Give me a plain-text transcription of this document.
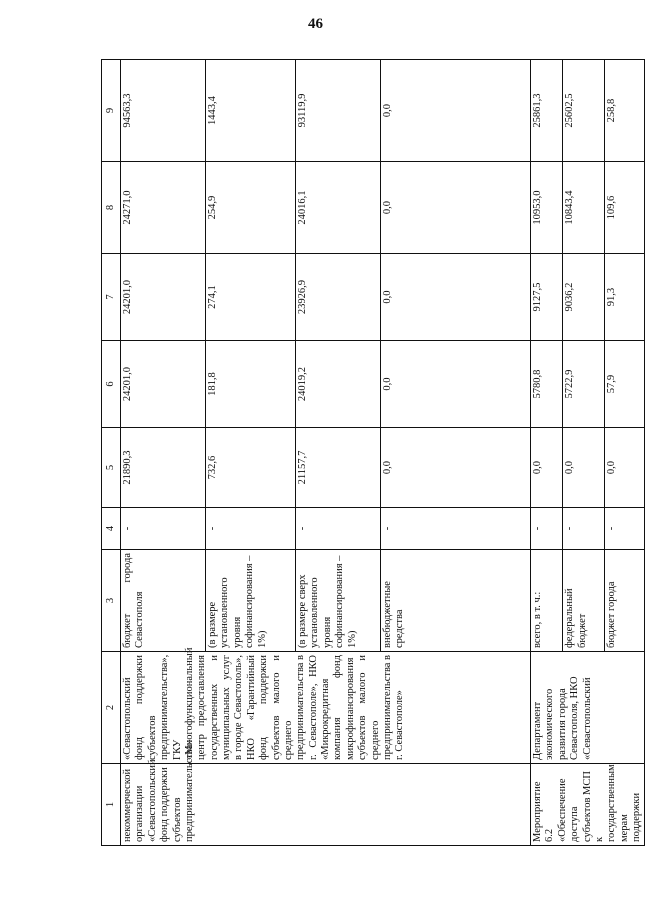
46
1	2	3	4	5	6	7	8	9
некоммерческой организации «Севастопольский фонд поддержки субъектов предпринимательства»	«Севастопольский фонд поддержки субъектов предпринимательства», ГКУ «Многофункциональный центр предоставления государственных и муниципальных услуг в городе Севастополь», НКО «Гарантийный фонд поддержки субъектов малого и среднего предпринимательства в г. Севастополе», НКО «Микрокредитная компания фонд микрофинансирования субъектов малого и среднего предпринимательства в г. Севастополе»	бюджет города Севастополя	-	21890,3	24201,0	24201,0	24271,0	94563,3
		(в размере установленного уровня софинансирования – 1%)	-	732,6	181,8	274,1	254,9	1443,4
		(в размере сверх установленного уровня софинансирования – 1%)	-	21157,7	24019,2	23926,9	24016,1	93119,9
		внебюджетные средства	-	0,0	0,0	0,0	0,0	0,0
Мероприятие 6.2 «Обеспечение доступа субъектов МСП к государственным мерам поддержки	Департамент экономического развития города Севастополя, НКО «Севастопольский	всего, в т. ч.:	-	0,0	5780,8	9127,5	10953,0	25861,3
		федеральный бюджет	-	0,0	5722,9	9036,2	10843,4	25602,5
		бюджет города	-	0,0	57,9	91,3	109,6	258,8
